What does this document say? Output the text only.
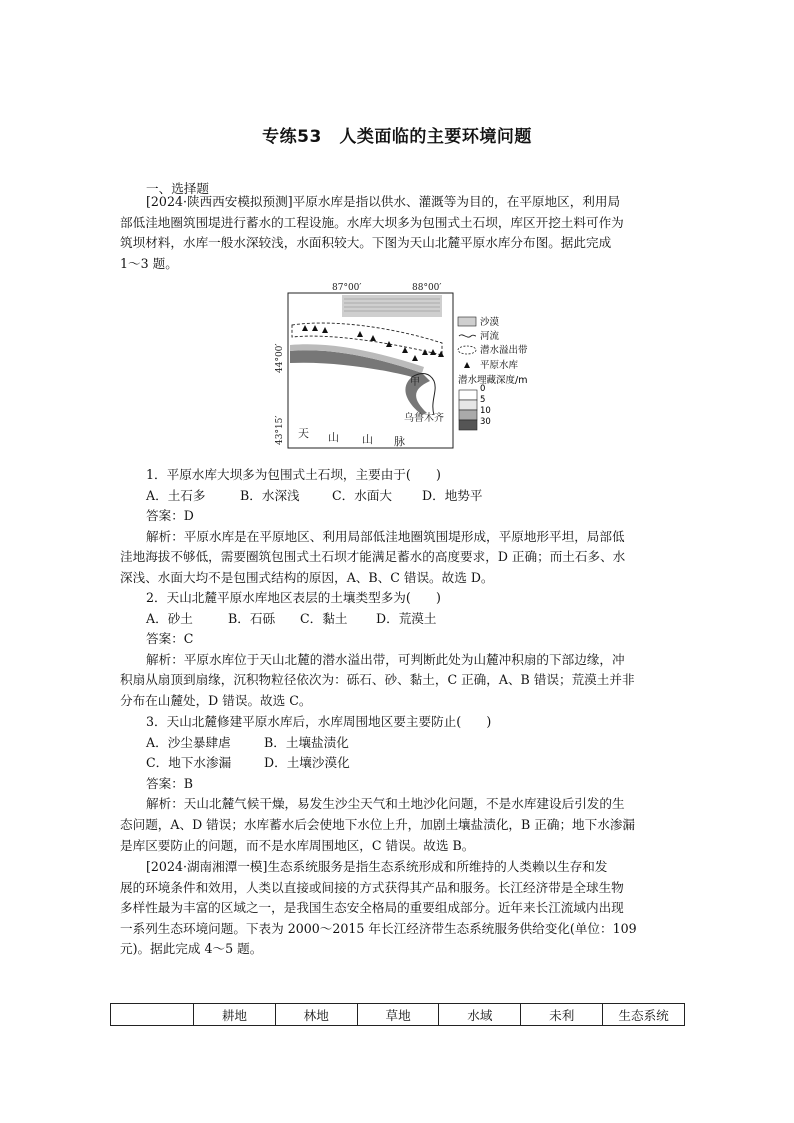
专练53　人类面临的主要环境问题
一、选择题
[2024·陕西西安模拟预测]平原水库是指以供水、灌溉等为目的，在平原地区，利用局
部低洼地圈筑围堤进行蓄水的工程设施。水库大坝多为包围式土石坝，库区开挖土料可作为
筑坝材料，水库一般水深较浅，水面积较大。下图为天山北麓平原水库分布图。据此完成
1～3 题。
87°00′	88°00′
44°00′
43°15′
甲
乌鲁木齐
天 山 山 脉
沙漠
河流
潜水溢出带
平原水库
潜水埋藏深度/m
0
5
10
30
1．平原水库大坝多为包围式土石坝，主要由于(　　)
A．土石多	B．水深浅	C．水面大	D．地势平
答案：D
解析：平原水库是在平原地区、利用局部低洼地圈筑围堤形成，平原地形平坦，局部低
洼地海拔不够低，需要圈筑包围式土石坝才能满足蓄水的高度要求，D 正确；而土石多、水
深浅、水面大均不是包围式结构的原因，A、B、C 错误。故选 D。
2．天山北麓平原水库地区表层的土壤类型多为(　　)
A．砂土	B．石砾	C．黏土	D．荒漠土
答案：C
解析：平原水库位于天山北麓的潜水溢出带，可判断此处为山麓冲积扇的下部边缘，冲
积扇从扇顶到扇缘，沉积物粒径依次为：砾石、砂、黏土，C 正确，A、B 错误；荒漠土并非
分布在山麓处，D 错误。故选 C。
3．天山北麓修建平原水库后，水库周围地区要主要防止(　　)
A．沙尘暴肆虐	B．土壤盐渍化
C．地下水渗漏	D．土壤沙漠化
答案：B
解析：天山北麓气候干燥，易发生沙尘天气和土地沙化问题，不是水库建设后引发的生
态问题，A、D 错误；水库蓄水后会使地下水位上升，加剧土壤盐渍化，B 正确；地下水渗漏
是库区要防止的问题，而不是水库周围地区，C 错误。故选 B。
[2024·湖南湘潭一模]生态系统服务是指生态系统形成和所维持的人类赖以生存和发
展的环境条件和效用，人类以直接或间接的方式获得其产品和服务。长江经济带是全球生物
多样性最为丰富的区域之一，是我国生态安全格局的重要组成部分。近年来长江流域内出现
一系列生态环境问题。下表为 2000～2015 年长江经济带生态系统服务供给变化(单位：109
元)。据此完成 4～5 题。
	耕地	林地	草地	水域	未利	生态系统
